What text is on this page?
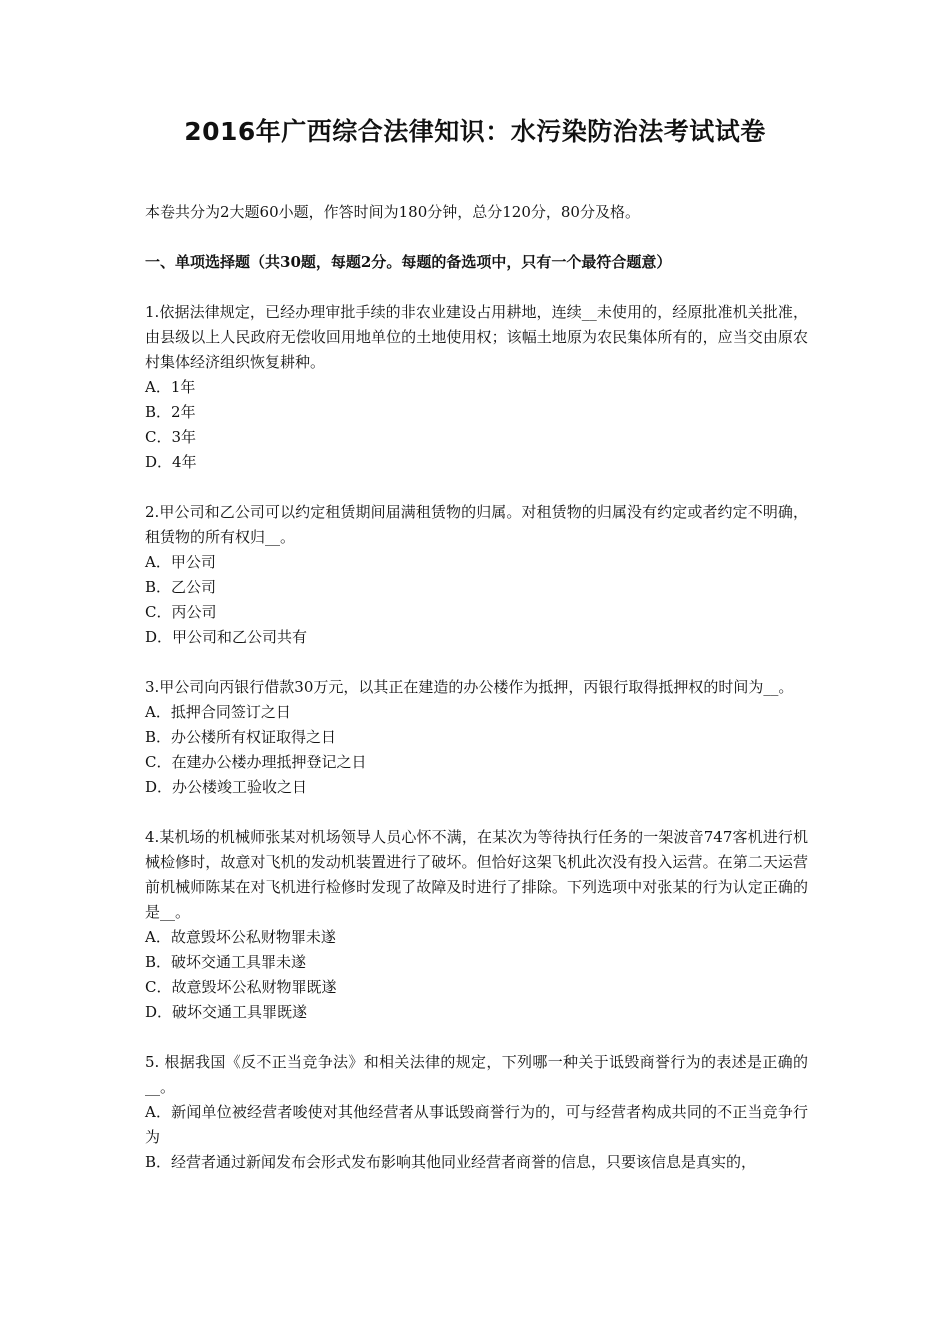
2016年广西综合法律知识：水污染防治法考试试卷
本卷共分为2大题60小题，作答时间为180分钟，总分120分，80分及格。
一、单项选择题（共30题，每题2分。每题的备选项中，只有一个最符合题意）
1.依据法律规定，已经办理审批手续的非农业建设占用耕地，连续__未使用的，经原批准机关批准，由县级以上人民政府无偿收回用地单位的土地使用权；该幅土地原为农民集体所有的，应当交由原农村集体经济组织恢复耕种。
A．1年
B．2年
C．3年
D．4年
2.甲公司和乙公司可以约定租赁期间届满租赁物的归属。对租赁物的归属没有约定或者约定不明确，租赁物的所有权归__。
A．甲公司
B．乙公司
C．丙公司
D．甲公司和乙公司共有
3.甲公司向丙银行借款30万元，以其正在建造的办公楼作为抵押，丙银行取得抵押权的时间为__。
A．抵押合同签订之日
B．办公楼所有权证取得之日
C．在建办公楼办理抵押登记之日
D．办公楼竣工验收之日
4.某机场的机械师张某对机场领导人员心怀不满，在某次为等待执行任务的一架波音747客机进行机械检修时，故意对飞机的发动机装置进行了破坏。但恰好这架飞机此次没有投入运营。在第二天运营前机械师陈某在对飞机进行检修时发现了故障及时进行了排除。下列选项中对张某的行为认定正确的是__。
A．故意毁坏公私财物罪未遂
B．破坏交通工具罪未遂
C．故意毁坏公私财物罪既遂
D．破坏交通工具罪既遂
5. 根据我国《反不正当竞争法》和相关法律的规定，下列哪一种关于诋毁商誉行为的表述是正确的__。
A．新闻单位被经营者唆使对其他经营者从事诋毁商誉行为的，可与经营者构成共同的不正当竞争行为
B．经营者通过新闻发布会形式发布影响其他同业经营者商誉的信息，只要该信息是真实的，
